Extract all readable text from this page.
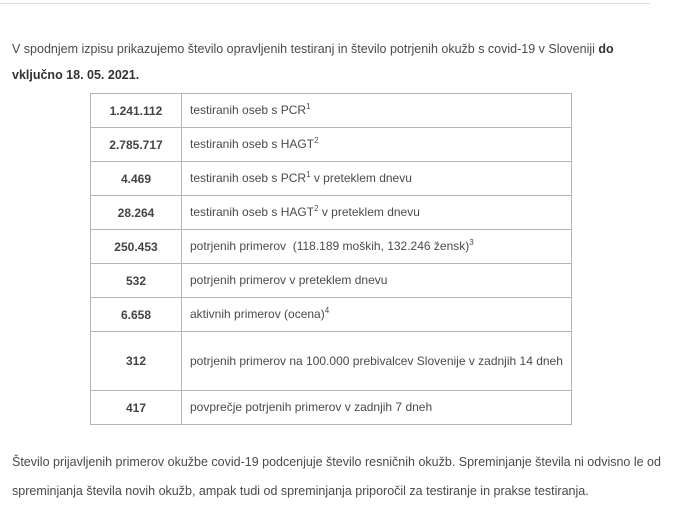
V spodnjem izpisu prikazujemo število opravljenih testiranj in število potrjenih okužb s covid-19 v Sloveniji do vključno 18. 05. 2021.

1.241.112	testiranih oseb s PCR$^1$
2.785.717	testiranih oseb s HAGT$^2$
4.469	testiranih oseb s PCR$^1$ v preteklem dnevu
28.264	testiranih oseb s HAGT$^2$ v preteklem dnevu
250.453	potrjenih primerov  (118.189 moških, 132.246 žensk)$^3$
532	potrjenih primerov v preteklem dnevu
6.658	aktivnih primerov (ocena)$^4$
312	potrjenih primerov na 100.000 prebivalcev Slovenije v zadnjih 14 dneh
417	povprečje potrjenih primerov v zadnjih 7 dneh

Število prijavljenih primerov okužbe covid-19 podcenjuje število resničnih okužb. Spreminjanje števila ni odvisno le od spreminjanja števila novih okužb, ampak tudi od spreminjanja priporočil za testiranje in prakse testiranja.
